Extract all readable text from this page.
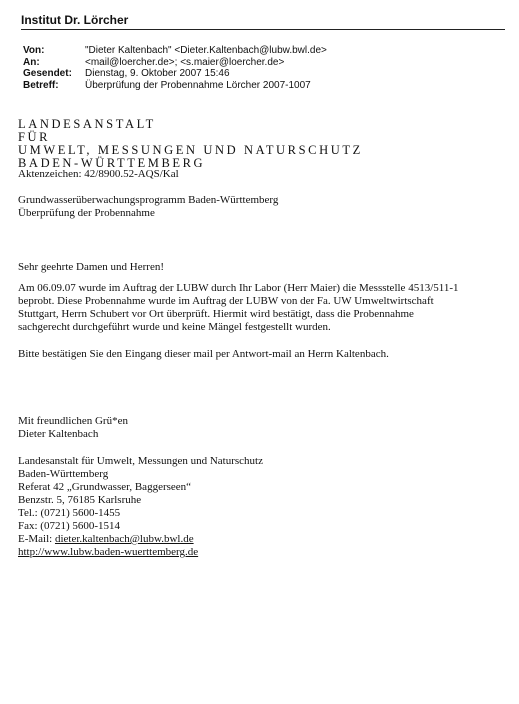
Institut Dr. Lörcher
Von:	"Dieter Kaltenbach" <Dieter.Kaltenbach@lubw.bwl.de>
An:	<mail@loercher.de>; <s.maier@loercher.de>
Gesendet:	Dienstag, 9. Oktober 2007 15:46
Betreff:	Überprüfung der Probennahme Lörcher 2007-1007
LANDESANSTALT
FÜR
UMWELT, MESSUNGEN UND NATURSCHUTZ
BADEN-WÜRTTEMBERG
Aktenzeichen: 42/8900.52-AQS/Kal
Grundwasserüberwachungsprogramm Baden-Württemberg
Überprüfung der Probennahme
Sehr geehrte Damen und Herren!
Am 06.09.07 wurde im Auftrag der LUBW durch Ihr Labor (Herr Maier) die Messstelle 4513/511-1
beprobt. Diese Probennahme wurde im Auftrag der LUBW von der Fa. UW Umweltwirtschaft
Stuttgart, Herrn Schubert vor Ort überprüft. Hiermit wird bestätigt, dass die Probennahme
sachgerecht durchgeführt wurde und keine Mängel festgestellt wurden.
Bitte bestätigen Sie den Eingang dieser mail per Antwort-mail an Herrn Kaltenbach.
Mit freundlichen Grü*en
Dieter Kaltenbach
Landesanstalt für Umwelt, Messungen und Naturschutz
Baden-Württemberg
Referat 42 „Grundwasser, Baggerseen“
Benzstr. 5, 76185 Karlsruhe
Tel.: (0721) 5600-1455
Fax: (0721) 5600-1514
E-Mail: dieter.kaltenbach@lubw.bwl.de
http://www.lubw.baden-wuerttemberg.de
